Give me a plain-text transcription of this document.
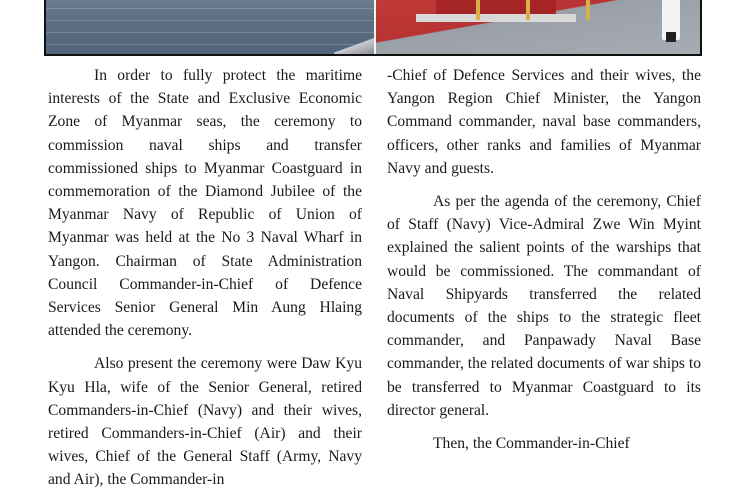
In order to fully protect the maritime interests of the State and Exclusive Economic Zone of Myanmar seas, the ceremony to commission naval ships and transfer commissioned ships to Myanmar Coastguard in commemoration of the Diamond Jubilee of the Myanmar Navy of Republic of Union of Myanmar was held at the No 3 Naval Wharf in Yangon. Chairman of State Administration Council Commander-in-Chief of Defence Services Senior General Min Aung Hlaing attended the ceremony.

Also present the ceremony were Daw Kyu Kyu Hla, wife of the Senior General, retired Commanders-in-Chief (Navy) and their wives, retired Commanders-in-Chief (Air) and their wives, Chief of the General Staff (Army, Navy and Air), the Commander-in

-Chief of Defence Services and their wives, the Yangon Region Chief Minister, the Yangon Command commander, naval base commanders, officers, other ranks and families of Myanmar Navy and guests.

As per the agenda of the ceremony, Chief of Staff (Navy) Vice-Admiral Zwe Win Myint explained the salient points of the warships that would be commissioned. The commandant of Naval Shipyards transferred the related documents of the ships to the strategic fleet commander, and Panpawady Naval Base commander, the related documents of war ships to be transferred to Myanmar Coastguard to its director general.

Then, the Commander-in-Chief
